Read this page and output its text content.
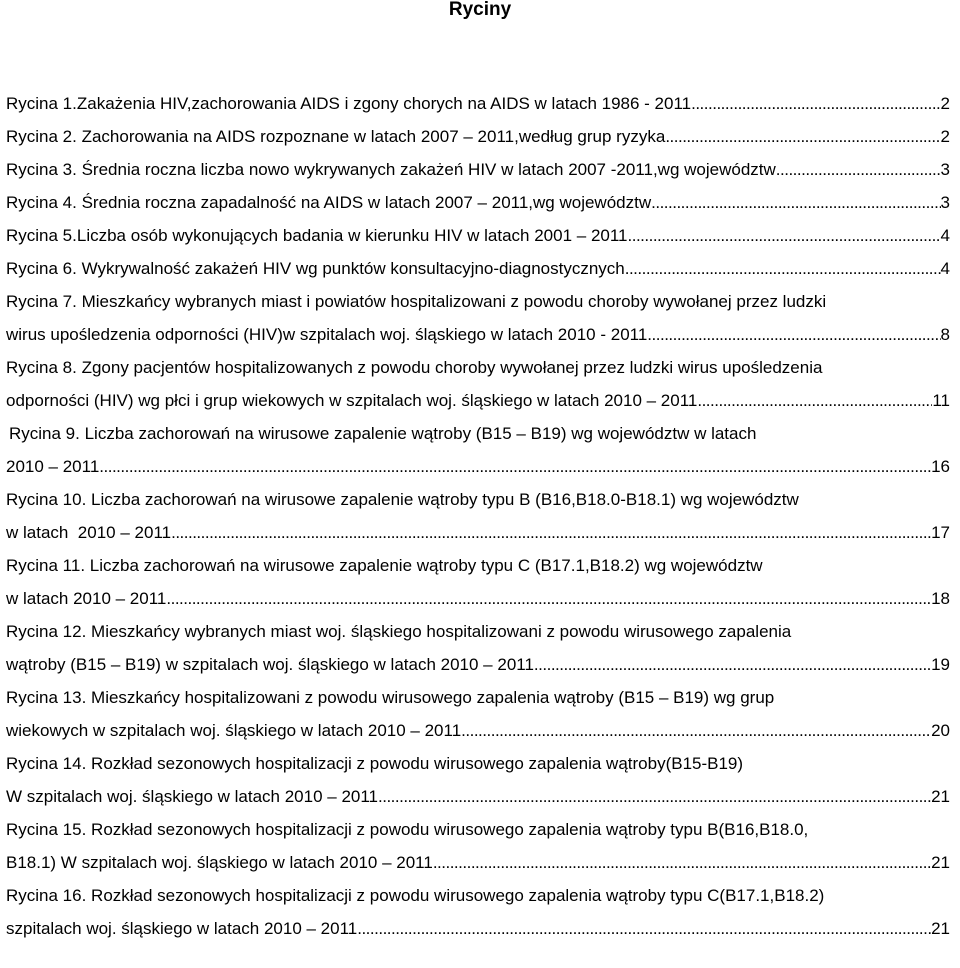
Ryciny
Rycina 1.Zakażenia HIV,zachorowania AIDS i zgony chorych na AIDS w latach 1986 - 2011 .....	2
Rycina 2. Zachorowania na AIDS rozpoznane w latach 2007 – 2011,według grup ryzyka .....	2
Rycina 3. Średnia roczna liczba nowo wykrywanych zakażeń HIV w latach 2007 -2011,wg województw .....	3
Rycina 4. Średnia roczna zapadalność na AIDS w latach 2007 – 2011,wg województw .....	3
Rycina 5.Liczba osób wykonujących badania w kierunku HIV w latach 2001 – 2011 .....	4
Rycina 6. Wykrywalność zakażeń HIV wg punktów konsultacyjno-diagnostycznych .....	4
Rycina 7. Mieszkańcy wybranych miast i powiatów hospitalizowani z powodu choroby wywołanej przez ludzki
wirus upośledzenia odporności (HIV)w szpitalach woj. śląskiego w latach 2010 - 2011 .....	8
Rycina 8. Zgony pacjentów hospitalizowanych z powodu choroby wywołanej przez ludzki wirus upośledzenia
odporności (HIV) wg płci i grup wiekowych w szpitalach woj. śląskiego w latach 2010 – 2011 .....	11
Rycina 9. Liczba zachorowań na wirusowe zapalenie wątroby (B15 – B19) wg województw w latach
2010 – 2011 .....	16
Rycina 10. Liczba zachorowań na wirusowe zapalenie wątroby typu B (B16,B18.0-B18.1) wg województw
w latach  2010 – 2011 .....	17
Rycina 11. Liczba zachorowań na wirusowe zapalenie wątroby typu C (B17.1,B18.2) wg województw
w latach 2010 – 2011 .....	18
Rycina 12. Mieszkańcy wybranych miast woj. śląskiego hospitalizowani z powodu wirusowego zapalenia
wątroby (B15 – B19) w szpitalach woj. śląskiego w latach 2010 – 2011 .....	19
Rycina 13. Mieszkańcy hospitalizowani z powodu wirusowego zapalenia wątroby (B15 – B19) wg grup
wiekowych w szpitalach woj. śląskiego w latach 2010 – 2011 .....	20
Rycina 14. Rozkład sezonowych hospitalizacji z powodu wirusowego zapalenia wątroby(B15-B19)
W szpitalach woj. śląskiego w latach 2010 – 2011 .....	21
Rycina 15. Rozkład sezonowych hospitalizacji z powodu wirusowego zapalenia wątroby typu B(B16,B18.0,
B18.1) W szpitalach woj. śląskiego w latach 2010 – 2011 .....	21
Rycina 16. Rozkład sezonowych hospitalizacji z powodu wirusowego zapalenia wątroby typu C(B17.1,B18.2)
szpitalach woj. śląskiego w latach 2010 – 2011 .....	21
